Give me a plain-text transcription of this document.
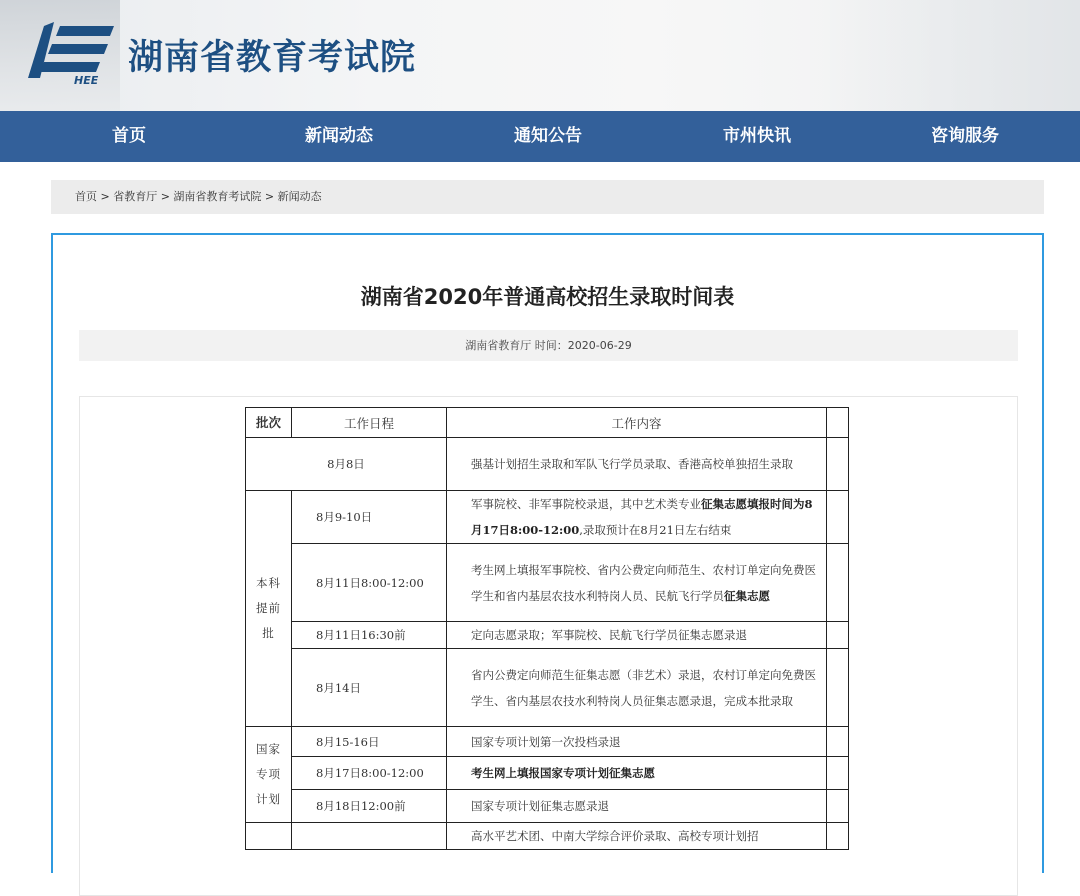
HEE
湖南省教育考试院
首页	新闻动态	通知公告	市州快讯	咨询服务
首页 > 省教育厅 > 湖南省教育考试院 > 新闻动态
湖南省2020年普通高校招生录取时间表
湖南省教育厅 时间：2020-06-29
批次	工作日程	工作内容	
8月8日		强基计划招生录取和军队飞行学员录取、香港高校单独招生录取	

本科提前批	8月9-10日	军事院校、非军事院校录退，其中艺术类专业征集志愿填报时间为8月17日8:00-12:00,录取预计在8月21日左右结束	
	8月11日8:00-12:00	考生网上填报军事院校、省内公费定向师范生、农村订单定向免费医学生和省内基层农技水利特岗人员、民航飞行学员征集志愿	
	8月11日16:30前	定向志愿录取；军事院校、民航飞行学员征集志愿录退	
	8月14日	省内公费定向师范生征集志愿（非艺术）录退，农村订单定向免费医学生、省内基层农技水利特岗人员征集志愿录退，完成本批录取	

国家专项计划	8月15-16日	国家专项计划第一次投档录退	
	8月17日8:00-12:00	考生网上填报国家专项计划征集志愿	
	8月18日12:00前	国家专项计划征集志愿录退	
		高水平艺术团、中南大学综合评价录取、高校专项计划招	
